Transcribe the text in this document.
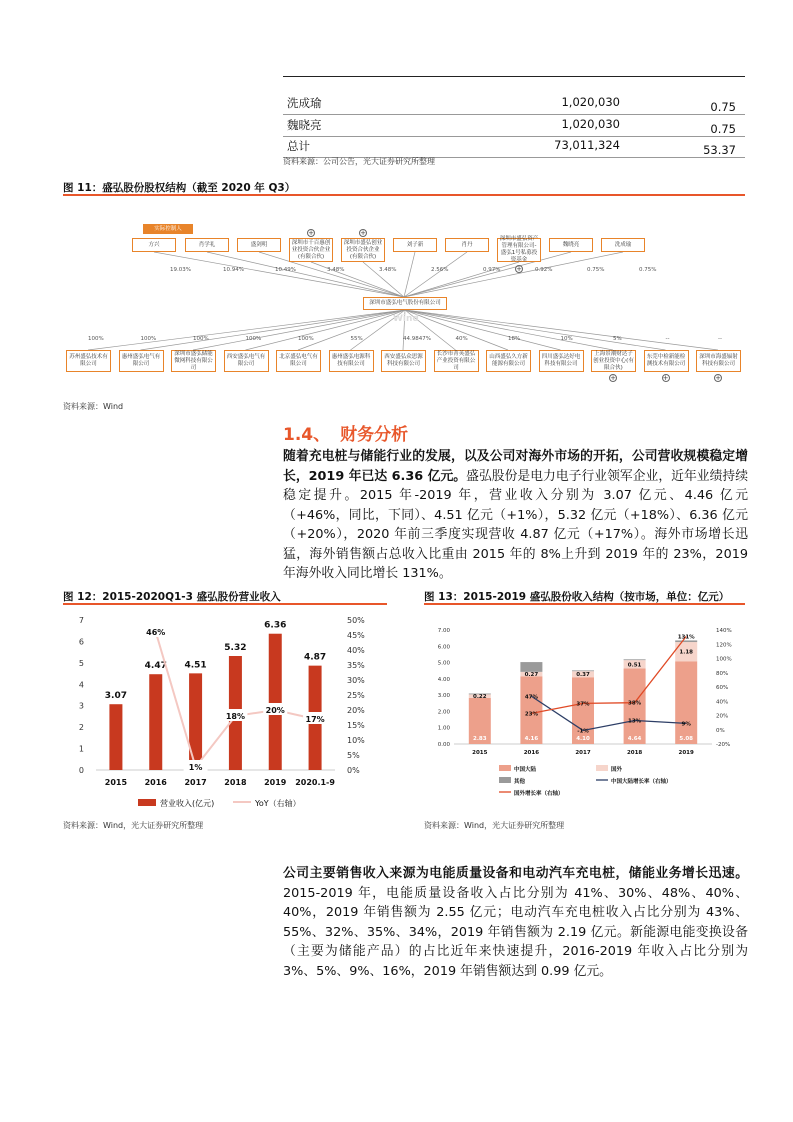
洗成瑜	1,020,030	0.75
魏晓亮	1,020,030	0.75
总计	73,011,324	53.37
资料来源：公司公告，光大证券研究所整理
图 11：盛弘股份股权结构（截至 2020 年 Q3）
实际控制人
方兴
19.03%
肖学礼
10.94%
盛剑明
10.49%
深圳市千百惠创业投资合伙企业(有限合伙)
3.48%
+
深圳市盛弘创业投资合伙企业(有限合伙)
3.48%
+
刘子新
2.56%
肖丹
0.97%
深圳市盛弘资产管理有限公司-盛弘1号私募投资基金
0.92%
+
魏晓亮
0.75%
洗成瑜
0.75%
深圳市盛弘电气股份有限公司
Wind
苏州盛弘技术有限公司
100%
惠州盛弘电气有限公司
100%
深圳市盛弘储能微网科技有限公司
100%
西安盛弘电气有限公司
100%
北京盛弘电气有限公司
100%
惠州盛弘电源科技有限公司
55%
西安盛弘众思源科技有限公司
44.9847%
长沙市菁英盛弘产业投资有限公司
40%
山西盛弘久方新能源有限公司
18%
四川盛弘达好电科技有限公司
10%
上海景潮财达子创业投资中心(有限合伙)
5%
+
东莞中检新能检测技术有限公司
--
+
深圳市海盛辐射科技有限公司
--
+
资料来源：Wind
1.4、 财务分析
随着充电桩与储能行业的发展，以及公司对海外市场的开拓，公司营收规模稳定增长，2019 年已达 6.36 亿元。盛弘股份是电力电子行业领军企业，近年业绩持续稳定提升。2015 年-2019 年，营业收入分别为 3.07 亿元、4.46 亿元（+46%，同比，下同）、4.51 亿元（+1%），5.32 亿元（+18%）、6.36 亿元（+20%），2020 年前三季度实现营收 4.87 亿元（+17%）。海外市场增长迅猛，海外销售额占总收入比重由 2015 年的 8%上升到 2019 年的 23%，2019 年海外收入同比增长 131%。
图 12：2015-2020Q1-3 盛弘股份营业收入
0
1
2
3
4
5
6
7
0%
5%
10%
15%
20%
25%
30%
35%
40%
45%
50%
3.07
2015
4.47
2016
4.51
2017
5.32
2018
6.36
2019
4.87
2020.1-9
46%
1%
18%
20%
17%
营业收入(亿元)	YoY（右轴）
资料来源：Wind，光大证券研究所整理
图 13：2015-2019 盛弘股份收入结构（按市场，单位：亿元）
0.00
1.00
2.00
3.00
4.00
5.00
6.00
7.00
-20%
0%
20%
40%
60%
80%
100%
120%
140%
2.83
0.22
2015
4.16
0.27
2016
4.10
0.37
2017
4.64
0.51
2018
5.08
1.18
2019
47%
-1%
13%	9%
23%
37%	38%
131%
中国大陆	国外
其他	中国大陆增长率（右轴）
国外增长率（右轴）
资料来源：Wind，光大证券研究所整理
公司主要销售收入来源为电能质量设备和电动汽车充电桩，储能业务增长迅速。2015-2019 年，电能质量设备收入占比分别为 41%、30%、48%、40%、40%，2019 年销售额为 2.55 亿元；电动汽车充电桩收入占比分别为 43%、55%、32%、35%、34%，2019 年销售额为 2.19 亿元。新能源电能变换设备（主要为储能产品）的占比近年来快速提升，2016-2019 年收入占比分别为 3%、5%、9%、16%，2019 年销售额达到 0.99 亿元。
